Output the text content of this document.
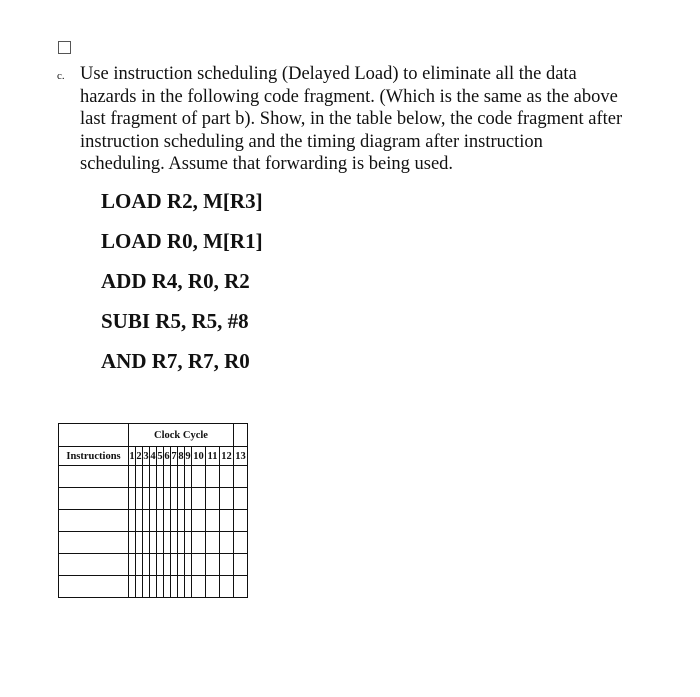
c. Use instruction scheduling (Delayed Load) to eliminate all the data hazards in the following code fragment. (Which is the same as the above last fragment of part b). Show, in the table below, the code fragment after instruction scheduling and the timing diagram after instruction scheduling. Assume that forwarding is being used.
LOAD R2, M[R3]
LOAD R0, M[R1]
ADD R4, R0, R2
SUBI R5, R5, #8
AND R7, R7, R0
	Clock Cycle												
Instructions	1	2	3	4	5	6	7	8	9	10	11	12	13
